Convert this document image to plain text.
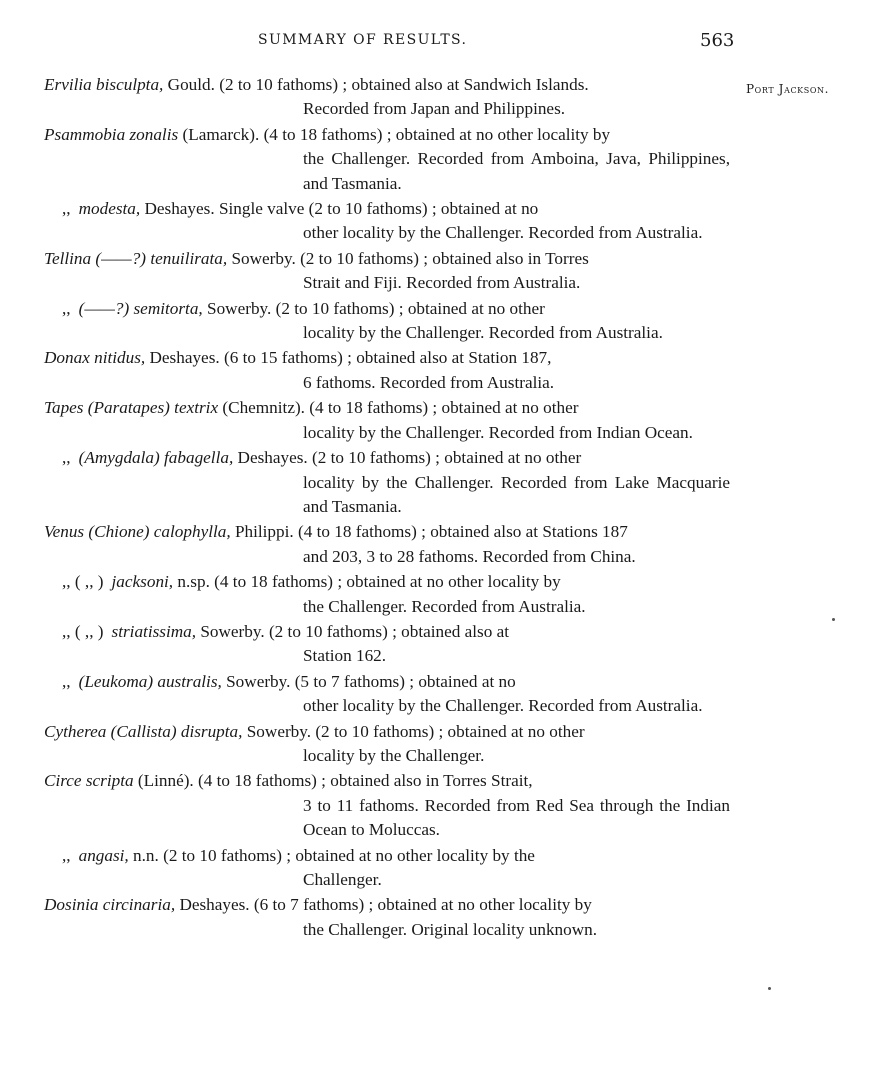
SUMMARY OF RESULTS.	563
Port Jackson.
Ervilia bisculpta, Gould. (2 to 10 fathoms) ; obtained also at Sandwich Islands.
Recorded from Japan and Philippines.
Psammobia zonalis (Lamarck). (4 to 18 fathoms) ; obtained at no other locality by
the Challenger. Recorded from Amboina, Java, Philippines, and Tasmania.
,, modesta, Deshayes. Single valve (2 to 10 fathoms) ; obtained at no
other locality by the Challenger. Recorded from Australia.
Tellina (——?) tenuilirata, Sowerby. (2 to 10 fathoms) ; obtained also in Torres
Strait and Fiji. Recorded from Australia.
,, (——?) semitorta, Sowerby. (2 to 10 fathoms) ; obtained at no other
locality by the Challenger. Recorded from Australia.
Donax nitidus, Deshayes. (6 to 15 fathoms) ; obtained also at Station 187,
6 fathoms. Recorded from Australia.
Tapes (Paratapes) textrix (Chemnitz). (4 to 18 fathoms) ; obtained at no other
locality by the Challenger. Recorded from Indian Ocean.
,, (Amygdala) fabagella, Deshayes. (2 to 10 fathoms) ; obtained at no other
locality by the Challenger. Recorded from Lake Macquarie and Tasmania.
Venus (Chione) calophylla, Philippi. (4 to 18 fathoms) ; obtained also at Stations 187
and 203, 3 to 28 fathoms. Recorded from China.
,, ( ,, ) jacksoni, n.sp. (4 to 18 fathoms) ; obtained at no other locality by
the Challenger. Recorded from Australia.
,, ( ,, ) striatissima, Sowerby. (2 to 10 fathoms) ; obtained also at
Station 162.
,, (Leukoma) australis, Sowerby. (5 to 7 fathoms) ; obtained at no
other locality by the Challenger. Recorded from Australia.
Cytherea (Callista) disrupta, Sowerby. (2 to 10 fathoms) ; obtained at no other
locality by the Challenger.
Circe scripta (Linné). (4 to 18 fathoms) ; obtained also in Torres Strait,
3 to 11 fathoms. Recorded from Red Sea through the Indian Ocean to Moluccas.
,, angasi, n.n. (2 to 10 fathoms) ; obtained at no other locality by the
Challenger.
Dosinia circinaria, Deshayes. (6 to 7 fathoms) ; obtained at no other locality by
the Challenger. Original locality unknown.
